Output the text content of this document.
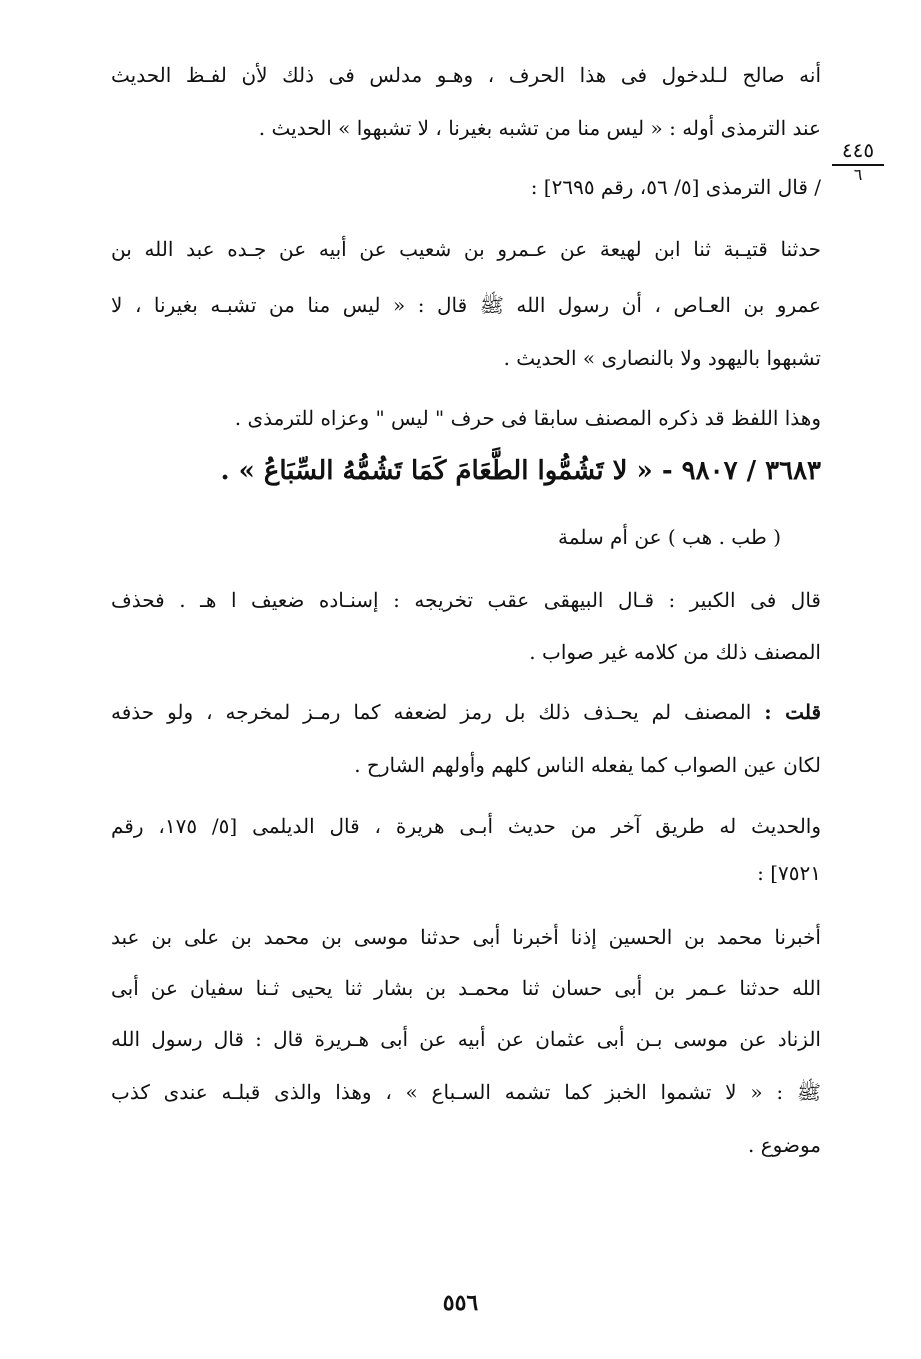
أنه صالح لـلدخول فى هذا الحرف ، وهـو مدلس فى ذلك لأن لفـظ الحديث
عند الترمذى أوله : « ليس منا من تشبه بغيرنا ، لا تشبهوا » الحديث .
٤٤٥
٦
/ قال الترمذى [٥/ ٥٦، رقم ٢٦٩٥] :
حدثنا قتيـبة ثنا ابن لهيعة عن عـمرو بن شعيب عن أبيه عن جـده عبد الله بن
عمرو بن العـاص ، أن رسول الله ﷺ قال : « ليس منا من تشبـه بغيرنا ، لا
تشبهوا باليهود ولا بالنصارى » الحديث .
وهذا اللفظ قد ذكره المصنف سابقا فى حرف " ليس " وعزاه للترمذى .
٣٦٨٣ / ٩٨٠٧ - « لا تَشُمُّوا الطَّعَامَ كَمَا تَشُمُّهُ السِّبَاعُ » .
( طب . هب ) عن أم سلمة
قال فى الكبير : قـال البيهقى عقب تخريجه : إسنـاده ضعيف ا هـ . فحذف
المصنف ذلك من كلامه غير صواب .
قلت : المصنف لم يحـذف ذلك بل رمز لضعفه كما رمـز لمخرجه ، ولو حذفه
لكان عين الصواب كما يفعله الناس كلهم وأولهم الشارح .
والحديث له طريق آخر من حديث أبـى هريرة ، قال الديلمى [٥/ ١٧٥، رقم
٧٥٢١] :
أخبرنا محمد بن الحسين إذنا أخبرنا أبى حدثنا موسى بن محمد بن على بن عبد
الله حدثنا عـمر بن أبى حسان ثنا محمـد بن بشار ثنا يحيى ثـنا سفيان عن أبى
الزناد عن موسى بـن أبى عثمان عن أبيه عن أبى هـريرة قال : قال رسول الله
ﷺ : « لا تشموا الخبز كما تشمه السـباع » ، وهذا والذى قبلـه عندى كذب
موضوع .
٥٥٦
